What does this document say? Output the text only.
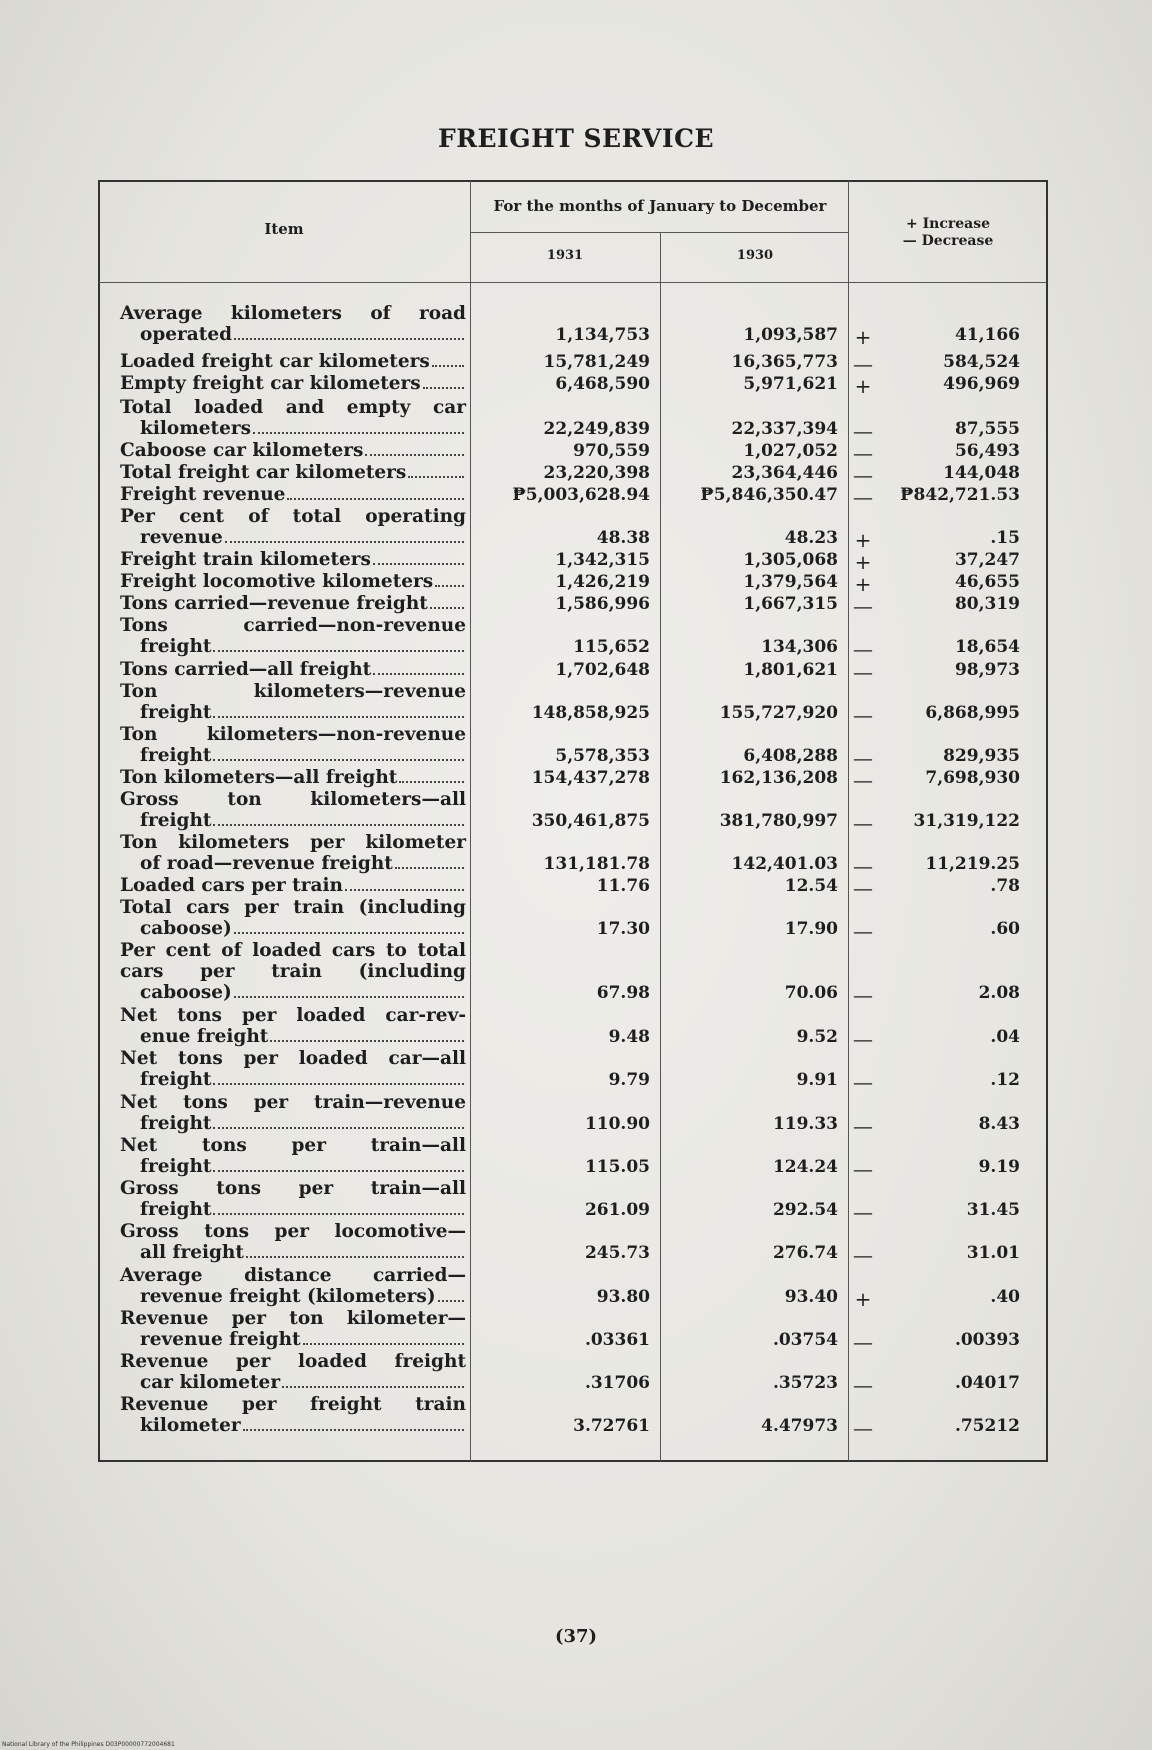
FREIGHT SERVICE
Item
For the months of January to December
1931	1930
+ Increase
— Decrease
Average kilometers of road
operated	1,134,753	1,093,587 +	41,166
Loaded freight car kilometers	15,781,249	16,365,773 —	584,524
Empty freight car kilometers	6,468,590	5,971,621 +	496,969
Total loaded and empty car
kilometers	22,249,839	22,337,394 —	87,555
Caboose car kilometers	970,559	1,027,052 —	56,493
Total freight car kilometers	23,220,398	23,364,446 —	144,048
Freight revenue	₱5,003,628.94	₱5,846,350.47 —	₱842,721.53
Per cent of total operating
revenue	48.38	48.23 +	.15
Freight train kilometers	1,342,315	1,305,068 +	37,247
Freight locomotive kilometers	1,426,219	1,379,564 +	46,655
Tons carried—revenue freight	1,586,996	1,667,315 —	80,319
Tons carried—non-revenue
freight	115,652	134,306 —	18,654
Tons carried—all freight	1,702,648	1,801,621 —	98,973
Ton kilometers—revenue
freight	148,858,925	155,727,920 —	6,868,995
Ton kilometers—non-revenue
freight	5,578,353	6,408,288 —	829,935
Ton kilometers—all freight	154,437,278	162,136,208 —	7,698,930
Gross ton kilometers—all
freight	350,461,875	381,780,997 —	31,319,122
Ton kilometers per kilometer
of road—revenue freight	131,181.78	142,401.03 —	11,219.25
Loaded cars per train	11.76	12.54 —	.78
Total cars per train (including
caboose)	17.30	17.90 —	.60
Per cent of loaded cars to total
cars per train (including
caboose)	67.98	70.06 —	2.08
Net tons per loaded car-rev-
enue freight	9.48	9.52 —	.04
Net tons per loaded car—all
freight	9.79	9.91 —	.12
Net tons per train—revenue
freight	110.90	119.33 —	8.43
Net tons per train—all
freight	115.05	124.24 —	9.19
Gross tons per train—all
freight	261.09	292.54 —	31.45
Gross tons per locomotive—
all freight	245.73	276.74 —	31.01
Average distance carried—
revenue freight (kilometers)	93.80	93.40 +	.40
Revenue per ton kilometer—
revenue freight	.03361	.03754 —	.00393
Revenue per loaded freight
car kilometer	.31706	.35723 —	.04017
Revenue per freight train
kilometer	3.72761	4.47973 —	.75212
(37)
National Library of the Philippines D03P00000772004681
